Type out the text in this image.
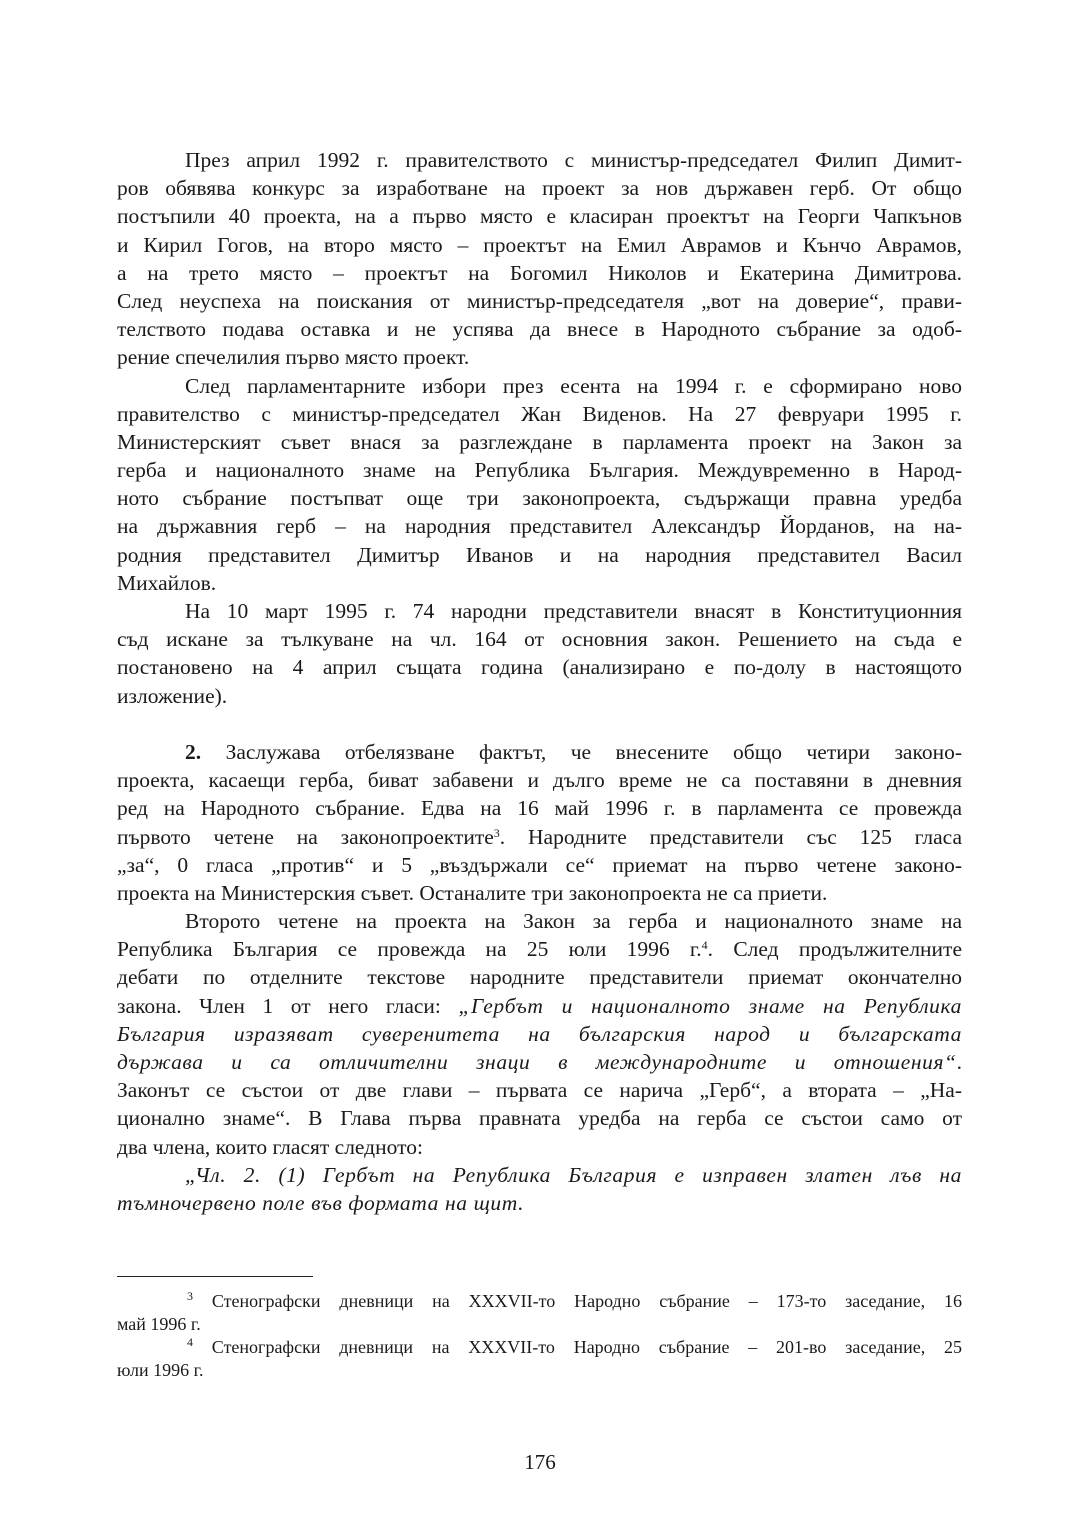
През април 1992 г. правителството с министър-председател Филип Димит-
ров обявява конкурс за изработване на проект за нов държавен герб. От общо
постъпили 40 проекта, на а първо място е класиран проектът на Георги Чапкънов
и Кирил Гогов, на второ място – проектът на Емил Аврамов и Кънчо Аврамов,
а на трето място – проектът на Богомил Николов и Екатерина Димитрова.
След неуспеха на поискания от министър-председателя „вот на доверие“, прави-
телството подава оставка и не успява да внесе в Народното събрание за одоб-
рение спечелилия първо място проект.
След парламентарните избори през есента на 1994 г. е сформирано ново
правителство с министър-председател Жан Виденов. На 27 февруари 1995 г.
Министерският съвет внася за разглеждане в парламента проект на Закон за
герба и националното знаме на Република България. Междувременно в Народ-
ното събрание постъпват още три законопроекта, съдържащи правна уредба
на държавния герб – на народния представител Александър Йорданов, на на-
родния представител Димитър Иванов и на народния представител Васил
Михайлов.
На 10 март 1995 г. 74 народни представители внасят в Конституционния
съд искане за тълкуване на чл. 164 от основния закон. Решението на съда е
постановено на 4 април същата година (анализирано е по-долу в настоящото
изложение).
2. Заслужава отбелязване фактът, че внесените общо четири законо-
проекта, касаещи герба, биват забавени и дълго време не са поставяни в дневния
ред на Народното събрание. Едва на 16 май 1996 г. в парламента се провежда
първото четене на законопроектите$^3$. Народните представители със 125 гласа
„за“, 0 гласа „против“ и 5 „въздържали се“ приемат на първо четене законо-
проекта на Министерския съвет. Останалите три законопроекта не са приети.
Второто четене на проекта на Закон за герба и националното знаме на
Република България се провежда на 25 юли 1996 г.$^4$. След продължителните
дебати по отделните текстове народните представители приемат окончателно
закона. Член 1 от него гласи: „Гербът и националното знаме на Република
България изразяват суверенитета на българския народ и българската
държава и са отличителни знаци в международните и отношения“.
Законът се състои от две глави – първата се нарича „Герб“, а втората – „На-
ционално знаме“. В Глава първа правната уредба на герба се състои само от
два члена, които гласят следното:
„Чл. 2. (1) Гербът на Република България е изправен златен лъв на
тъмночервено поле във формата на щит.
$^3$ Стенографски дневници на XXXVII-то Народно събрание – 173-то заседание, 16
май 1996 г.
$^4$ Стенографски дневници на XXXVII-то Народно събрание – 201-во заседание, 25
юли 1996 г.
176
